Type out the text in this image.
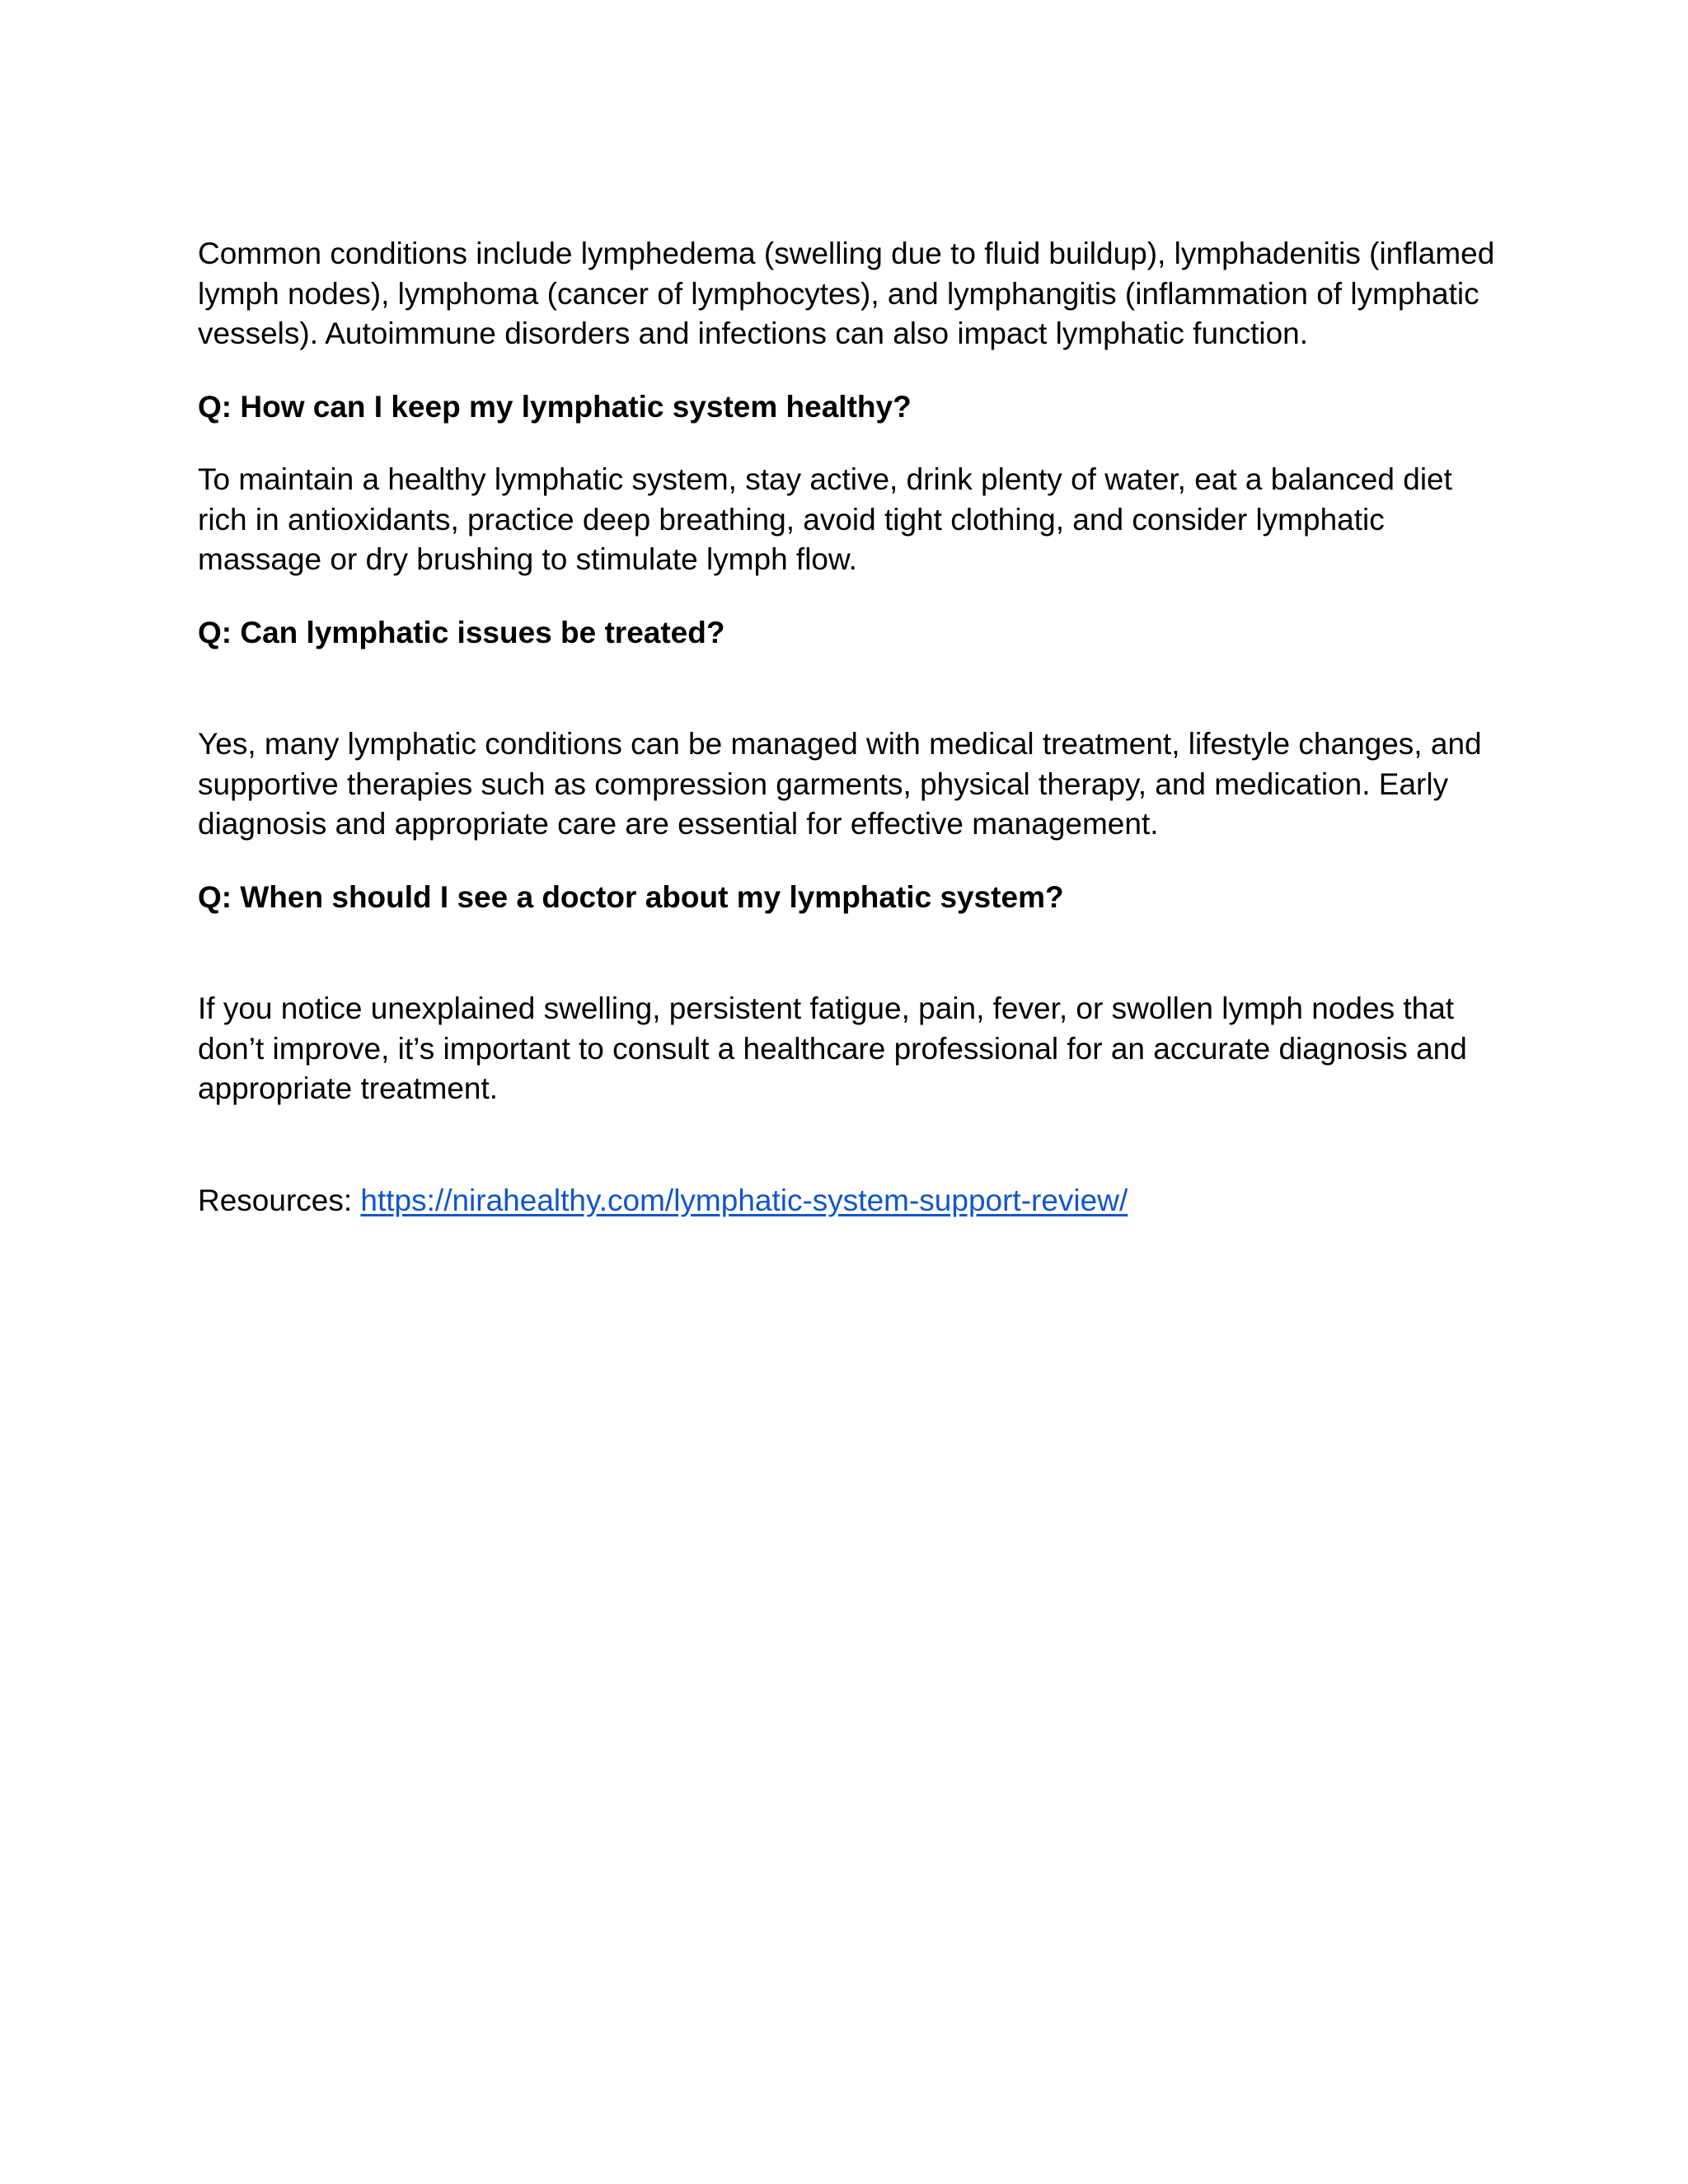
Common conditions include lymphedema (swelling due to fluid buildup), lymphadenitis (inflamed
lymph nodes), lymphoma (cancer of lymphocytes), and lymphangitis (inflammation of lymphatic
vessels). Autoimmune disorders and infections can also impact lymphatic function.

Q: How can I keep my lymphatic system healthy?

To maintain a healthy lymphatic system, stay active, drink plenty of water, eat a balanced diet
rich in antioxidants, practice deep breathing, avoid tight clothing, and consider lymphatic
massage or dry brushing to stimulate lymph flow.

Q: Can lymphatic issues be treated?

Yes, many lymphatic conditions can be managed with medical treatment, lifestyle changes, and
supportive therapies such as compression garments, physical therapy, and medication. Early
diagnosis and appropriate care are essential for effective management.

Q: When should I see a doctor about my lymphatic system?

If you notice unexplained swelling, persistent fatigue, pain, fever, or swollen lymph nodes that
don’t improve, it’s important to consult a healthcare professional for an accurate diagnosis and
appropriate treatment.

Resources: https://nirahealthy.com/lymphatic-system-support-review/
